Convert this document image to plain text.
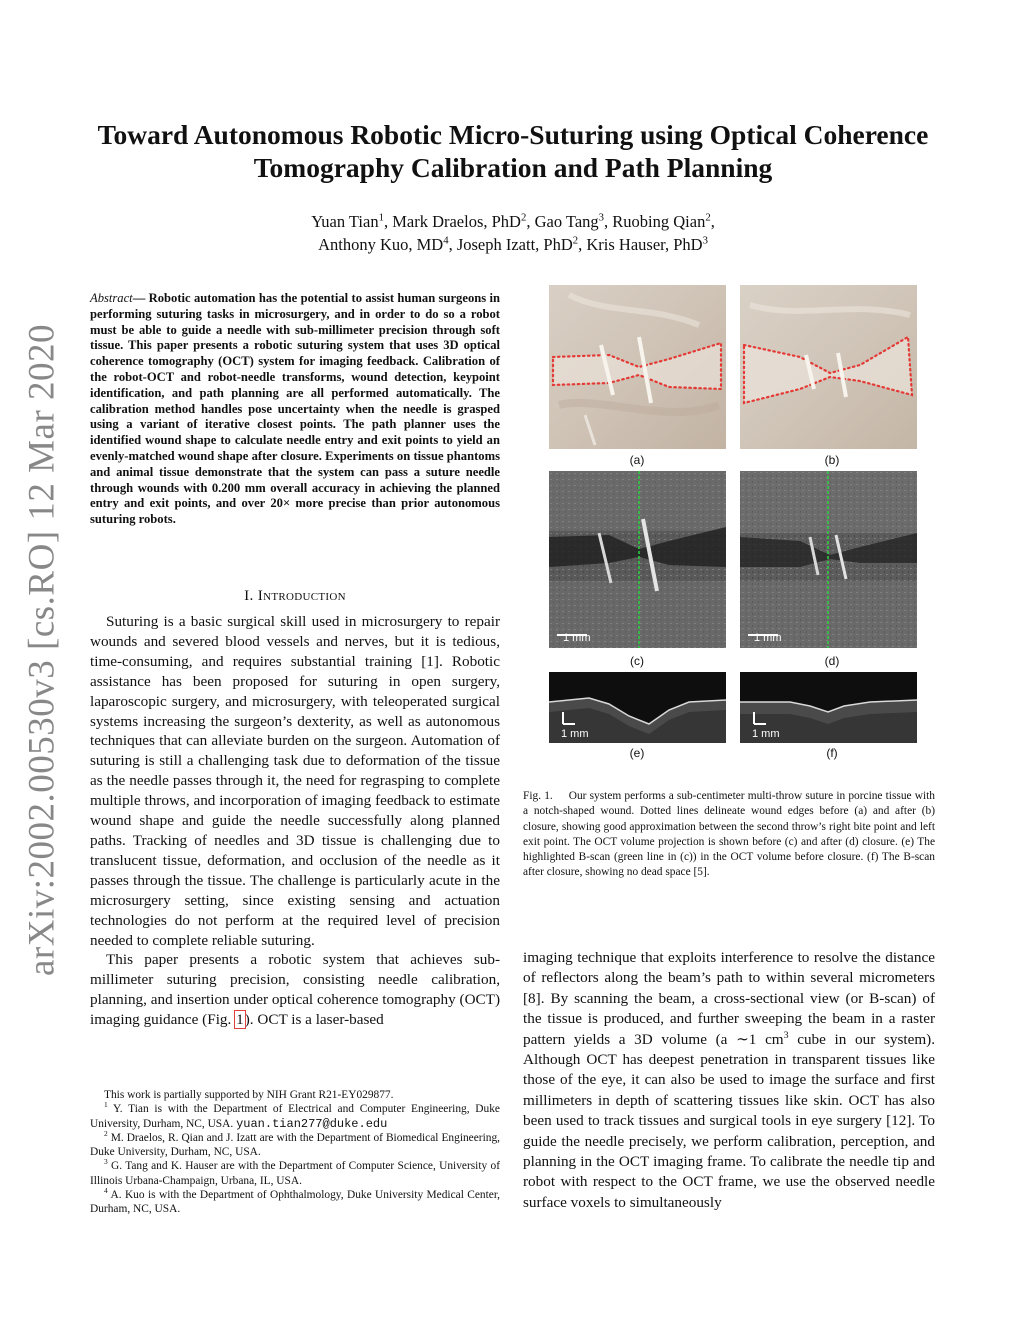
arXiv:2002.00530v3 [cs.RO] 12 Mar 2020
Toward Autonomous Robotic Micro-Suturing using Optical Coherence
Tomography Calibration and Path Planning
Yuan Tian$^1$, Mark Draelos, PhD$^2$, Gao Tang$^3$, Ruobing Qian$^2$,
Anthony Kuo, $MD^4$, Joseph Izatt, PhD$^2$, Kris Hauser, PhD$^3$
Abstract— Robotic automation has the potential to assist human surgeons in performing suturing tasks in microsurgery, and in order to do so a robot must be able to guide a needle with sub-millimeter precision through soft tissue. This paper presents a robotic suturing system that uses 3D optical coherence tomography (OCT) system for imaging feedback. Calibration of the robot-OCT and robot-needle transforms, wound detection, keypoint identification, and path planning are all performed automatically. The calibration method handles pose uncertainty when the needle is grasped using a variant of iterative closest points. The path planner uses the identified wound shape to calculate needle entry and exit points to yield an evenly-matched wound shape after closure. Experiments on tissue phantoms and animal tissue demonstrate that the system can pass a suture needle through wounds with 0.200 mm overall accuracy in achieving the planned entry and exit points, and over 20× more precise than prior autonomous suturing robots.
I. Introduction

Suturing is a basic surgical skill used in microsurgery to repair wounds and severed blood vessels and nerves, but it is tedious, time-consuming, and requires substantial training [1]. Robotic assistance has been proposed for suturing in open surgery, laparoscopic surgery, and microsurgery, with teleoperated surgical systems increasing the surgeon’s dexterity, as well as autonomous techniques that can alleviate burden on the surgeon. Automation of suturing is still a challenging task due to deformation of the tissue as the needle passes through it, the need for regrasping to complete multiple throws, and incorporation of imaging feedback to estimate wound shape and guide the needle successfully along planned paths. Tracking of needles and 3D tissue is challenging due to translucent tissue, deformation, and occlusion of the needle as it passes through the tissue. The challenge is particularly acute in the microsurgery setting, since existing sensing and actuation technologies do not perform at the required level of precision needed to complete reliable suturing.

This paper presents a robotic system that achieves sub-millimeter suturing precision, consisting needle calibration, planning, and insertion under optical coherence tomography (OCT) imaging guidance (Fig. 1). OCT is a laser-based

This work is partially supported by NIH Grant R21-EY029877.

$^1$ Y. Tian is with the Department of Electrical and Computer Engineering, Duke University, Durham, NC, USA. yuan.tian277@duke.edu

$^2$ M. Draelos, R. Qian and J. Izatt are with the Department of Biomedical Engineering, Duke University, Durham, NC, USA.

$^3$ G. Tang and K. Hauser are with the Department of Computer Science, University of Illinois Urbana-Champaign, Urbana, IL, USA.

$^4$ A. Kuo is with the Department of Ophthalmology, Duke University Medical Center, Durham, NC, USA.

(a)	(b)
1 mm
(c)
1 mm
(d)
1 mm
(e)
1 mm
(f)
Fig. 1. Our system performs a sub-centimeter multi-throw suture in porcine tissue with a notch-shaped wound. Dotted lines delineate wound edges before (a) and after (b) closure, showing good approximation between the second throw’s right bite point and left exit point. The OCT volume projection is shown before (c) and after (d) closure. (e) The highlighted B-scan (green line in (c)) in the OCT volume before closure. (f) The B-scan after closure, showing no dead space [5].

imaging technique that exploits interference to resolve the distance of reflectors along the beam’s path to within several micrometers [8]. By scanning the beam, a cross-sectional view (or B-scan) of the tissue is produced, and further sweeping the beam in a raster pattern yields a 3D volume (a ∼1 $cm^3$ cube in our system). Although OCT has deepest penetration in transparent tissues like those of the eye, it can also be used to image the surface and first millimeters in depth of scattering tissues like skin. OCT has also been used to track tissues and surgical tools in eye surgery [12]. To guide the needle precisely, we perform calibration, perception, and planning in the OCT imaging frame. To calibrate the needle tip and robot with respect to the OCT frame, we use the observed needle surface voxels to simultaneously
